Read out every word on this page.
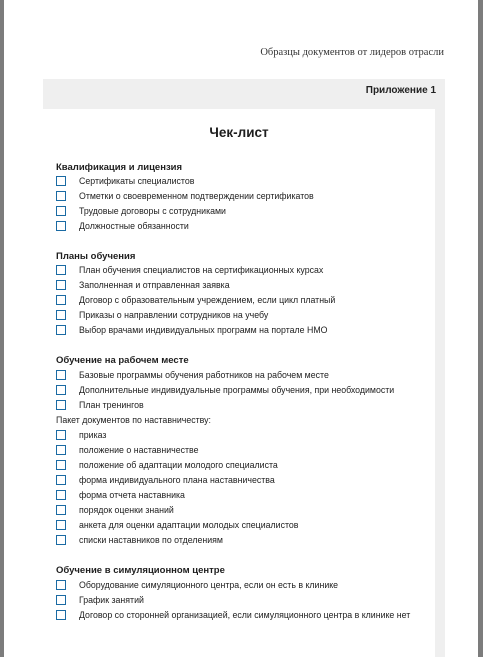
Образцы документов от лидеров отрасли
Приложение 1
Чек-лист
Квалификация и лицензия
Сертификаты специалистов
Отметки о своевременном подтверждении сертификатов
Трудовые договоры с сотрудниками
Должностные обязанности
Планы обучения
План обучения специалистов на сертификационных курсах
Заполненная и отправленная заявка
Договор с образовательным учреждением, если цикл платный
Приказы о направлении сотрудников на учебу
Выбор врачами индивидуальных программ на портале НМО
Обучение на рабочем месте
Базовые программы обучения работников на рабочем месте
Дополнительные индивидуальные программы обучения, при необходимости
План тренингов
Пакет документов по наставничеству:
приказ
положение о наставничестве
положение об адаптации молодого специалиста
форма индивидуального плана наставничества
форма отчета наставника
порядок оценки знаний
анкета для оценки адаптации молодых специалистов
списки наставников по отделениям
Обучение в симуляционном центре
Оборудование симуляционного центра, если он есть в клинике
График занятий
Договор со сторонней организацией, если симуляционного центра в клинике нет
